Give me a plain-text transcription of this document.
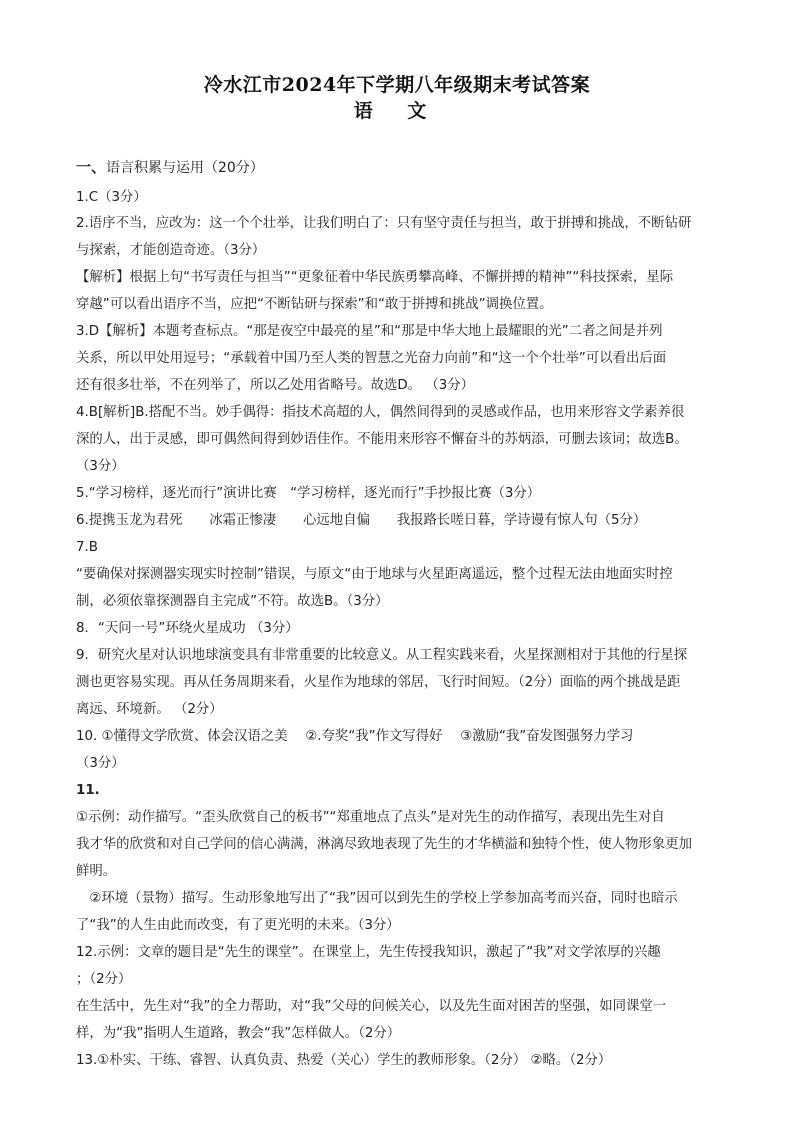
冷水江市2024年下学期八年级期末考试答案
语 文
一、语言积累与运用（20分）
1.C（3分）
2.语序不当，应改为：这一个个壮举，让我们明白了：只有坚守责任与担当，敢于拼搏和挑战，不断钻研
与探索，才能创造奇迹。（3分）
【解析】根据上句“书写责任与担当”“更象征着中华民族勇攀高峰、不懈拼搏的精神”“科技探索，星际
穿越”可以看出语序不当，应把“不断钻研与探索”和“敢于拼搏和挑战”调换位置。
3.D【解析】本题考查标点。“那是夜空中最亮的星”和“那是中华大地上最耀眼的光”二者之间是并列
关系，所以甲处用逗号；“承载着中国乃至人类的智慧之光奋力向前”和“这一个个壮举”可以看出后面
还有很多壮举，不在列举了，所以乙处用省略号。故选D。 （3分）
4.B[解析]B.搭配不当。妙手偶得：指技术高超的人，偶然间得到的灵感或作品，也用来形容文学素养很
深的人，出于灵感，即可偶然间得到妙语佳作。不能用来形容不懈奋斗的苏炳添，可删去该词；故选B。
（3分）
5.“学习榜样，逐光而行”演讲比赛　“学习榜样，逐光而行”手抄报比赛（3分）
6.提携玉龙为君死　　冰霜正惨凄　　心远地自偏　　我报路长嗟日暮，学诗谩有惊人句（5分）
7.B
“要确保对探测器实现实时控制”错误，与原文“由于地球与火星距离遥远，整个过程无法由地面实时控
制，必须依靠探测器自主完成”不符。故选B。（3分）
8．“天问一号”环绕火星成功 （3分）
9．研究火星对认识地球演变具有非常重要的比较意义。从工程实践来看，火星探测相对于其他的行星探
测也更容易实现。再从任务周期来看，火星作为地球的邻居，飞行时间短。（2分）面临的两个挑战是距
离远、环境新。 （2分）
10. ①懂得文学欣赏、体会汉语之美　 ②.夸奖“我”作文写得好　 ③激励“我”奋发图强努力学习
（3分）
11.
①示例：动作描写。“歪头欣赏自己的板书”“郑重地点了点头”是对先生的动作描写，表现出先生对自
我才华的欣赏和对自己学问的信心满满，淋漓尽致地表现了先生的才华横溢和独特个性，使人物形象更加
鲜明。
　②环境（景物）描写。生动形象地写出了“我”因可以到先生的学校上学参加高考而兴奋，同时也暗示
了“我”的人生由此而改变，有了更光明的未来。（3分）
12.示例：文章的题目是“先生的课堂”。在课堂上，先生传授我知识，激起了“我”对文学浓厚的兴趣
；（2分）
在生活中，先生对“我”的全力帮助，对“我”父母的问候关心，以及先生面对困苦的坚强，如同课堂一
样，为“我”指明人生道路，教会“我”怎样做人。（2分）
13.①朴实、干练、睿智、认真负责、热爱（关心）学生的教师形象。（2分） ②略。（2分）
